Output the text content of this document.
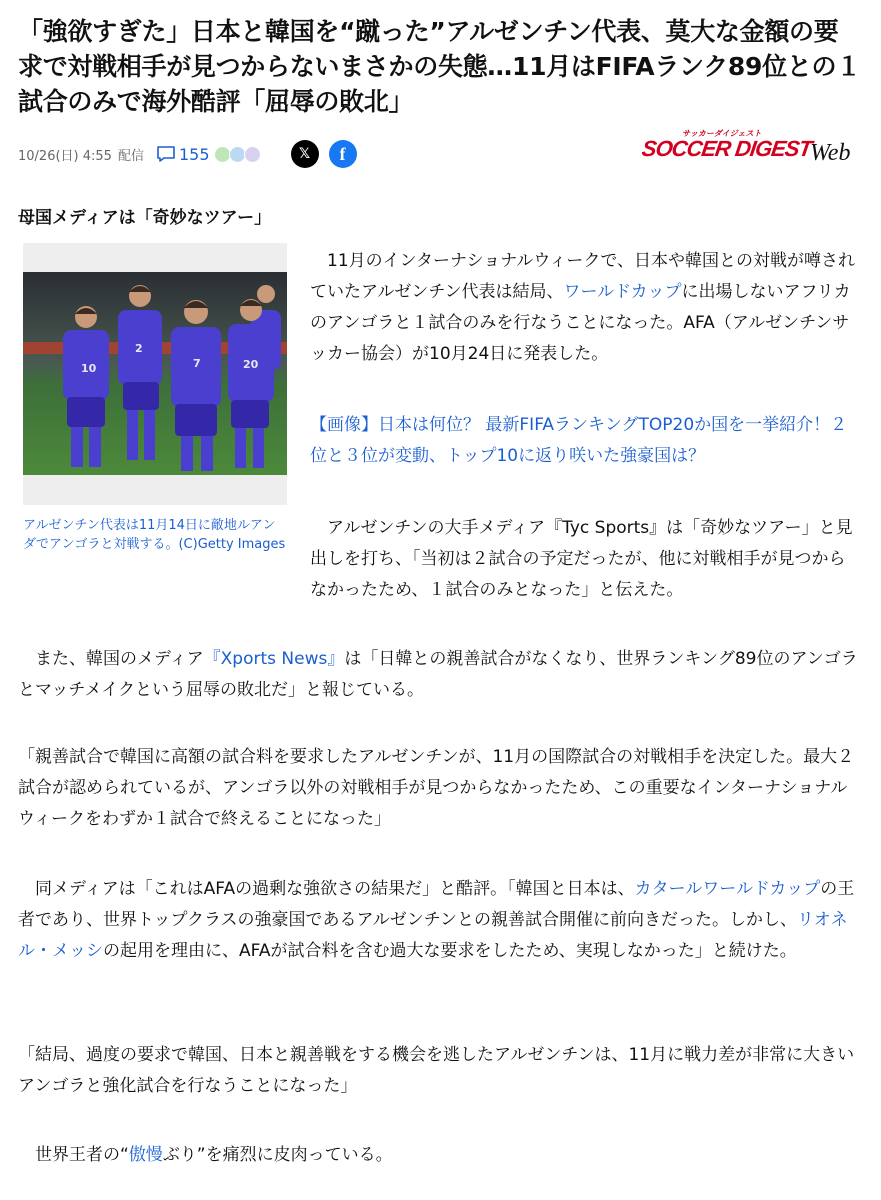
「強欲すぎた」日本と韓国を“蹴った”アルゼンチン代表、莫大な金額の要求で対戦相手が見つからないまさかの失態…11月はFIFAランク89位との１試合のみで海外酷評「屈辱の敗北」
10/26(日) 4:55 配信 155	𝕏 f
サッカーダイジェスト
SOCCER DIGEST
Web
母国メディアは「奇妙なツアー」
10
2
7	20
アルゼンチン代表は11月14日に敵地ルアンダでアンゴラと対戦する。(C)Getty Images
　11月のインターナショナルウィークで、日本や韓国との対戦が噂されていたアルゼンチン代表は結局、ワールドカップに出場しないアフリカのアンゴラと１試合のみを行なうことになった。AFA（アルゼンチンサッカー協会）が10月24日に発表した。
【画像】日本は何位？ 最新FIFAランキングTOP20か国を一挙紹介！２位と３位が変動、トップ10に返り咲いた強豪国は？
　アルゼンチンの大手メディア『Tyc Sports』は「奇妙なツアー」と見出しを打ち、「当初は２試合の予定だったが、他に対戦相手が見つからなかったため、１試合のみとなった」と伝えた。
　また、韓国のメディア『Xports News』は「日韓との親善試合がなくなり、世界ランキング89位のアンゴラとマッチメイクという屈辱の敗北だ」と報じている。
「親善試合で韓国に高額の試合料を要求したアルゼンチンが、11月の国際試合の対戦相手を決定した。最大２試合が認められているが、アンゴラ以外の対戦相手が見つからなかったため、この重要なインターナショナルウィークをわずか１試合で終えることになった」
　同メディアは「これはAFAの過剰な強欲さの結果だ」と酷評。「韓国と日本は、カタールワールドカップの王者であり、世界トップクラスの強豪国であるアルゼンチンとの親善試合開催に前向きだった。しかし、リオネル・メッシの起用を理由に、AFAが試合料を含む過大な要求をしたため、実現しなかった」と続けた。
「結局、過度の要求で韓国、日本と親善戦をする機会を逃したアルゼンチンは、11月に戦力差が非常に大きいアンゴラと強化試合を行なうことになった」
　世界王者の“傲慢ぶり”を痛烈に皮肉っている。
